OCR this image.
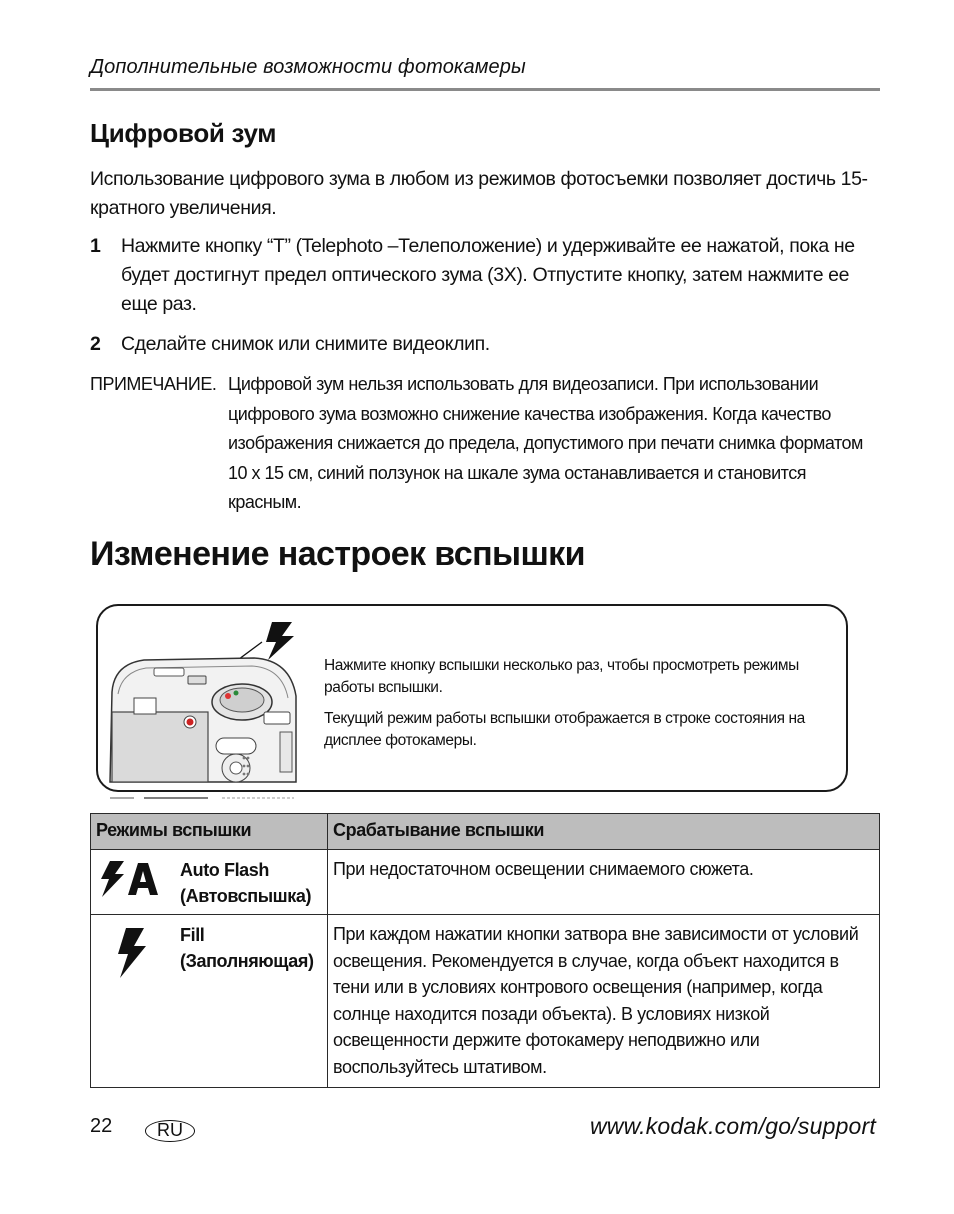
Дополнительные возможности фотокамеры
Цифровой зум
Использование цифрового зума в любом из режимов фотосъемки позволяет достичь 15-кратного увеличения.
1 Нажмите кнопку “T” (Telephoto –Телеположение) и удерживайте ее нажатой, пока не будет достигнут предел оптического зума (3X). Отпустите кнопку, затем нажмите ее еще раз.
2 Сделайте снимок или снимите видеоклип.
ПРИМЕЧАНИЕ. Цифровой зум нельзя использовать для видеозаписи. При использовании цифрового зума возможно снижение качества изображения. Когда качество изображения снижается до предела, допустимого при печати снимка форматом 10 x 15 см, синий ползунок на шкале зума останавливается и становится красным.
Изменение настроек вспышки

Нажмите кнопку вспышки несколько раз, чтобы просмотреть режимы работы вспышки.

Текущий режим работы вспышки отображается в строке состояния на дисплее фотокамеры.

Режимы вспышки	Срабатывание вспышки

Auto Flash
(Автовспышка)	При недостаточном освещении снимаемого сюжета.

Fill
(Заполняющая)	При каждом нажатии кнопки затвора вне зависимости от условий освещения. Рекомендуется в случае, когда объект находится в тени или в условиях контрового освещения (например, когда солнце находится позади объекта). В условиях низкой освещенности держите фотокамеру неподвижно или воспользуйтесь штативом.
22	RU	www.kodak.com/go/support
